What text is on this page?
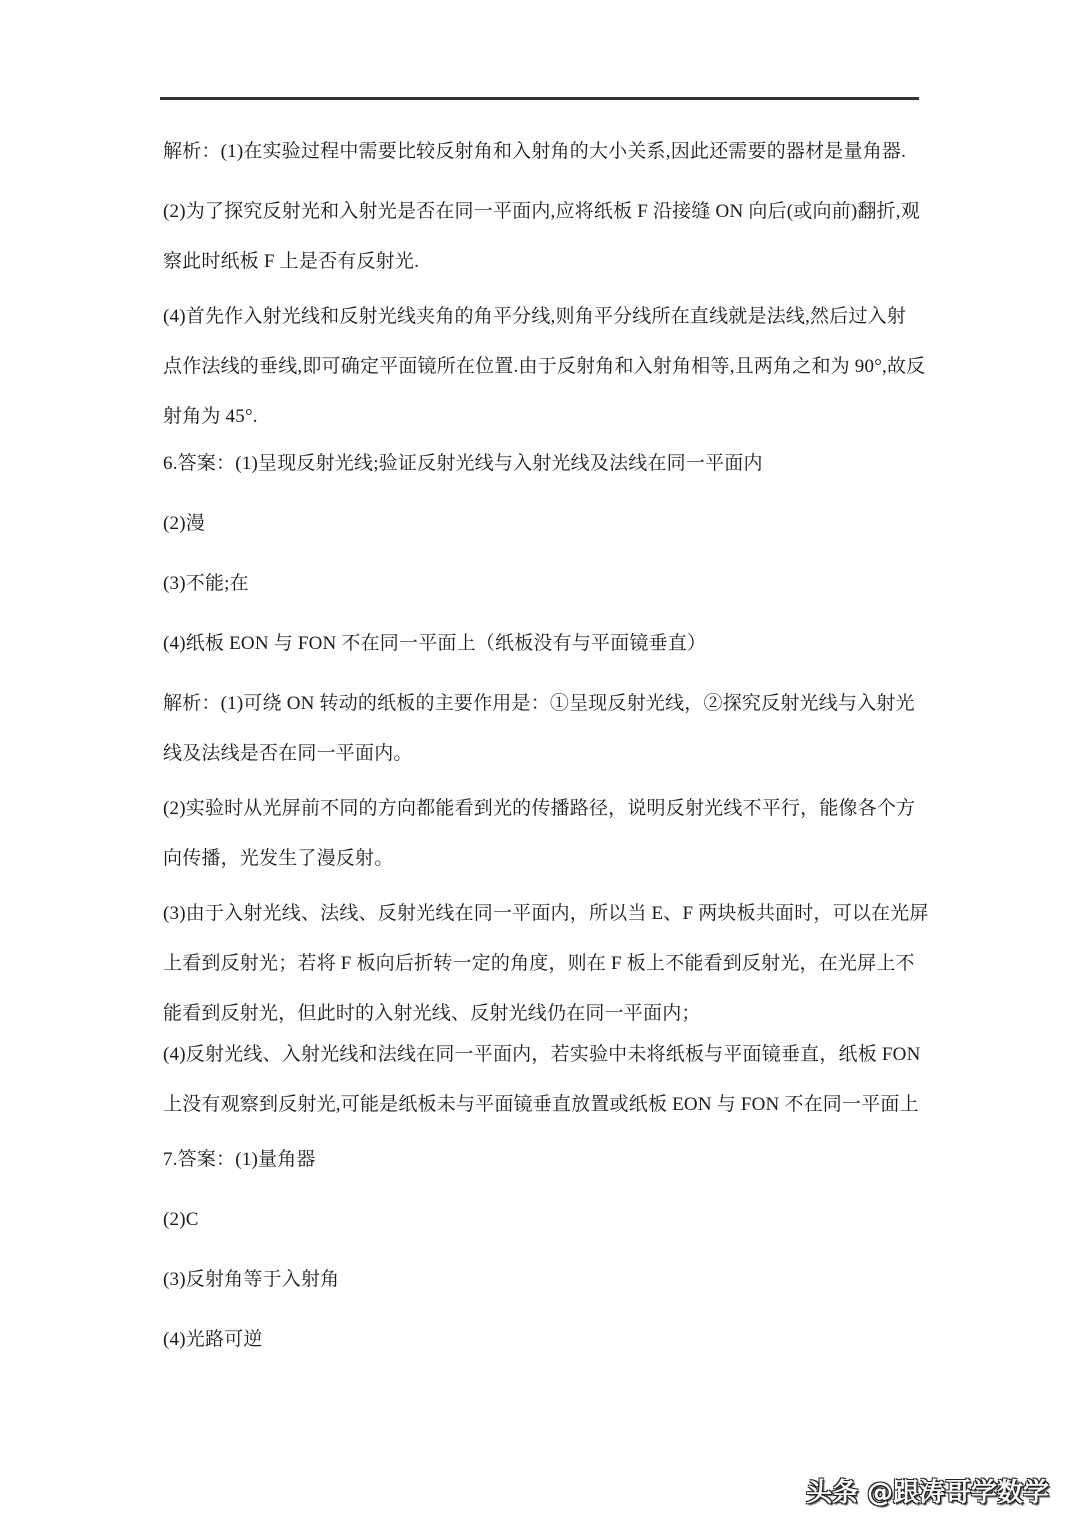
解析：(1)在实验过程中需要比较反射角和入射角的大小关系,因此还需要的器材是量角器.
(2)为了探究反射光和入射光是否在同一平面内,应将纸板 F 沿接缝 ON 向后(或向前)翻折,观
察此时纸板 F 上是否有反射光.
(4)首先作入射光线和反射光线夹角的角平分线,则角平分线所在直线就是法线,然后过入射
点作法线的垂线,即可确定平面镜所在位置.由于反射角和入射角相等,且两角之和为 90°,故反
射角为 45°.
6.答案：(1)呈现反射光线;验证反射光线与入射光线及法线在同一平面内
(2)漫
(3)不能;在
(4)纸板 EON 与 FON 不在同一平面上（纸板没有与平面镜垂直）
解析：(1)可绕 ON 转动的纸板的主要作用是：①呈现反射光线，②探究反射光线与入射光
线及法线是否在同一平面内。
(2)实验时从光屏前不同的方向都能看到光的传播路径，说明反射光线不平行，能像各个方
向传播，光发生了漫反射。
(3)由于入射光线、法线、反射光线在同一平面内，所以当 E、F 两块板共面时，可以在光屏
上看到反射光；若将 F 板向后折转一定的角度，则在 F 板上不能看到反射光，在光屏上不
能看到反射光，但此时的入射光线、反射光线仍在同一平面内；
(4)反射光线、入射光线和法线在同一平面内，若实验中未将纸板与平面镜垂直，纸板 FON
上没有观察到反射光,可能是纸板未与平面镜垂直放置或纸板 EON 与 FON 不在同一平面上
7.答案：(1)量角器
(2)C
(3)反射角等于入射角
(4)光路可逆
头条 @跟涛哥学数学
